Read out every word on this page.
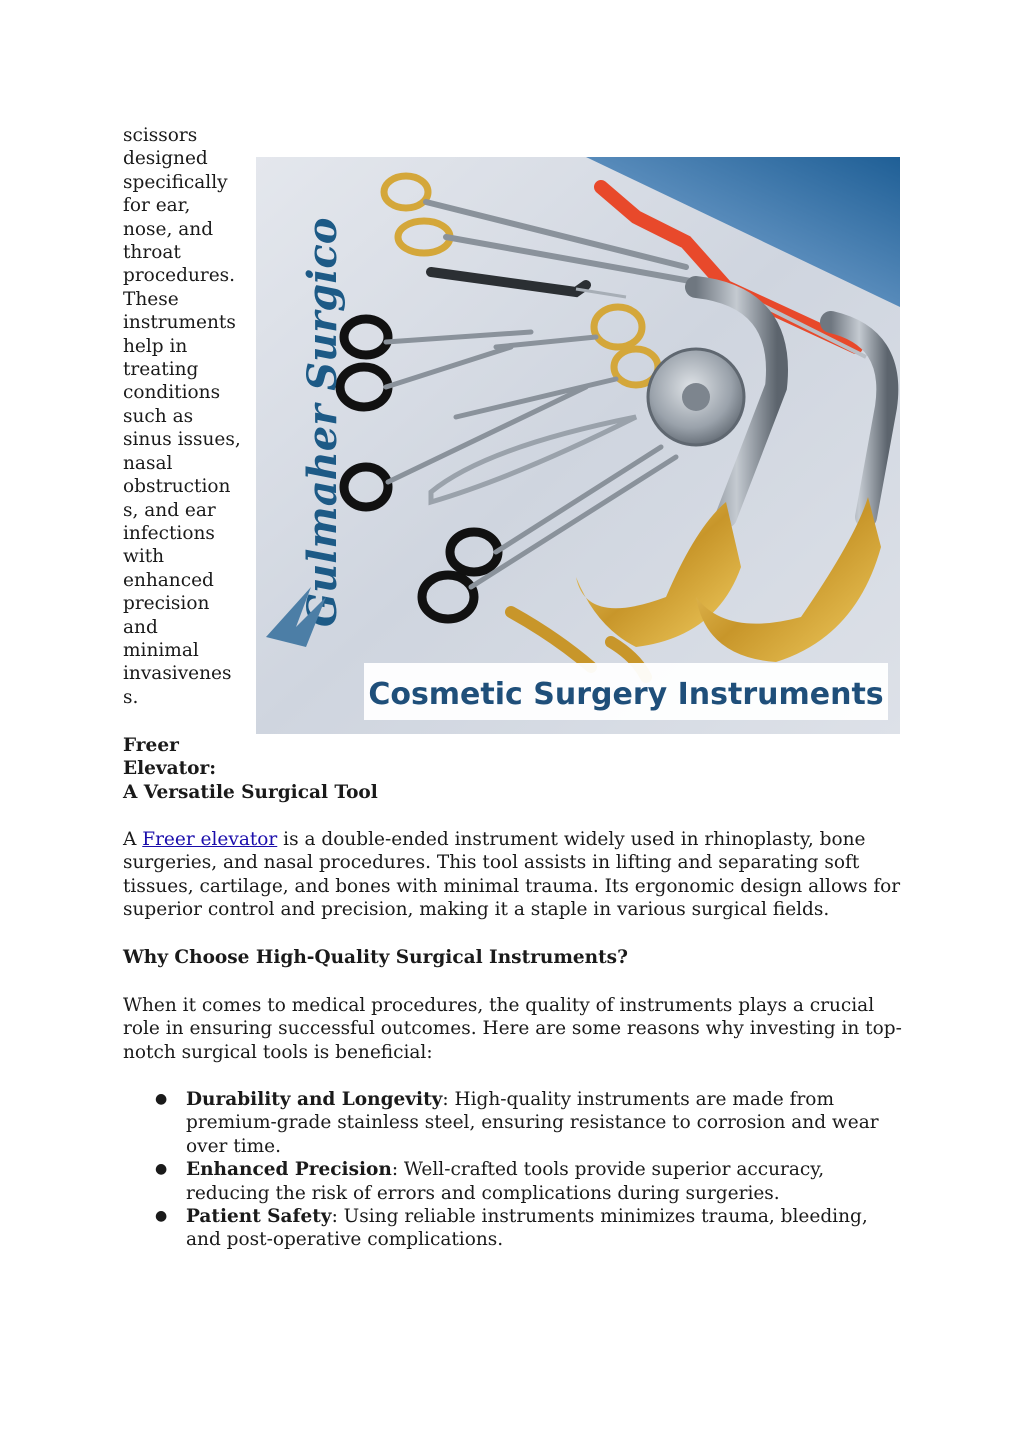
scissors
designed
specifically
for ear,
nose, and
throat
procedures.
These
instruments
help in
treating
conditions
such as
sinus issues,
nasal
obstruction
s, and ear
infections
with
enhanced
precision
and
minimal
invasivenes
s.
Gulmaher Surgico
Cosmetic Surgery Instruments
Freer
Elevator:
A Versatile Surgical Tool

A Freer elevator is a double-ended instrument widely used in rhinoplasty, bone surgeries, and nasal procedures. This tool assists in lifting and separating soft tissues, cartilage, and bones with minimal trauma. Its ergonomic design allows for superior control and precision, making it a staple in various surgical fields.

Why Choose High-Quality Surgical Instruments?

When it comes to medical procedures, the quality of instruments plays a crucial role in ensuring successful outcomes. Here are some reasons why investing in top-notch surgical tools is beneficial:

● Durability and Longevity: High-quality instruments are made from premium-grade stainless steel, ensuring resistance to corrosion and wear over time.
● Enhanced Precision: Well-crafted tools provide superior accuracy, reducing the risk of errors and complications during surgeries.
● Patient Safety: Using reliable instruments minimizes trauma, bleeding, and post-operative complications.
